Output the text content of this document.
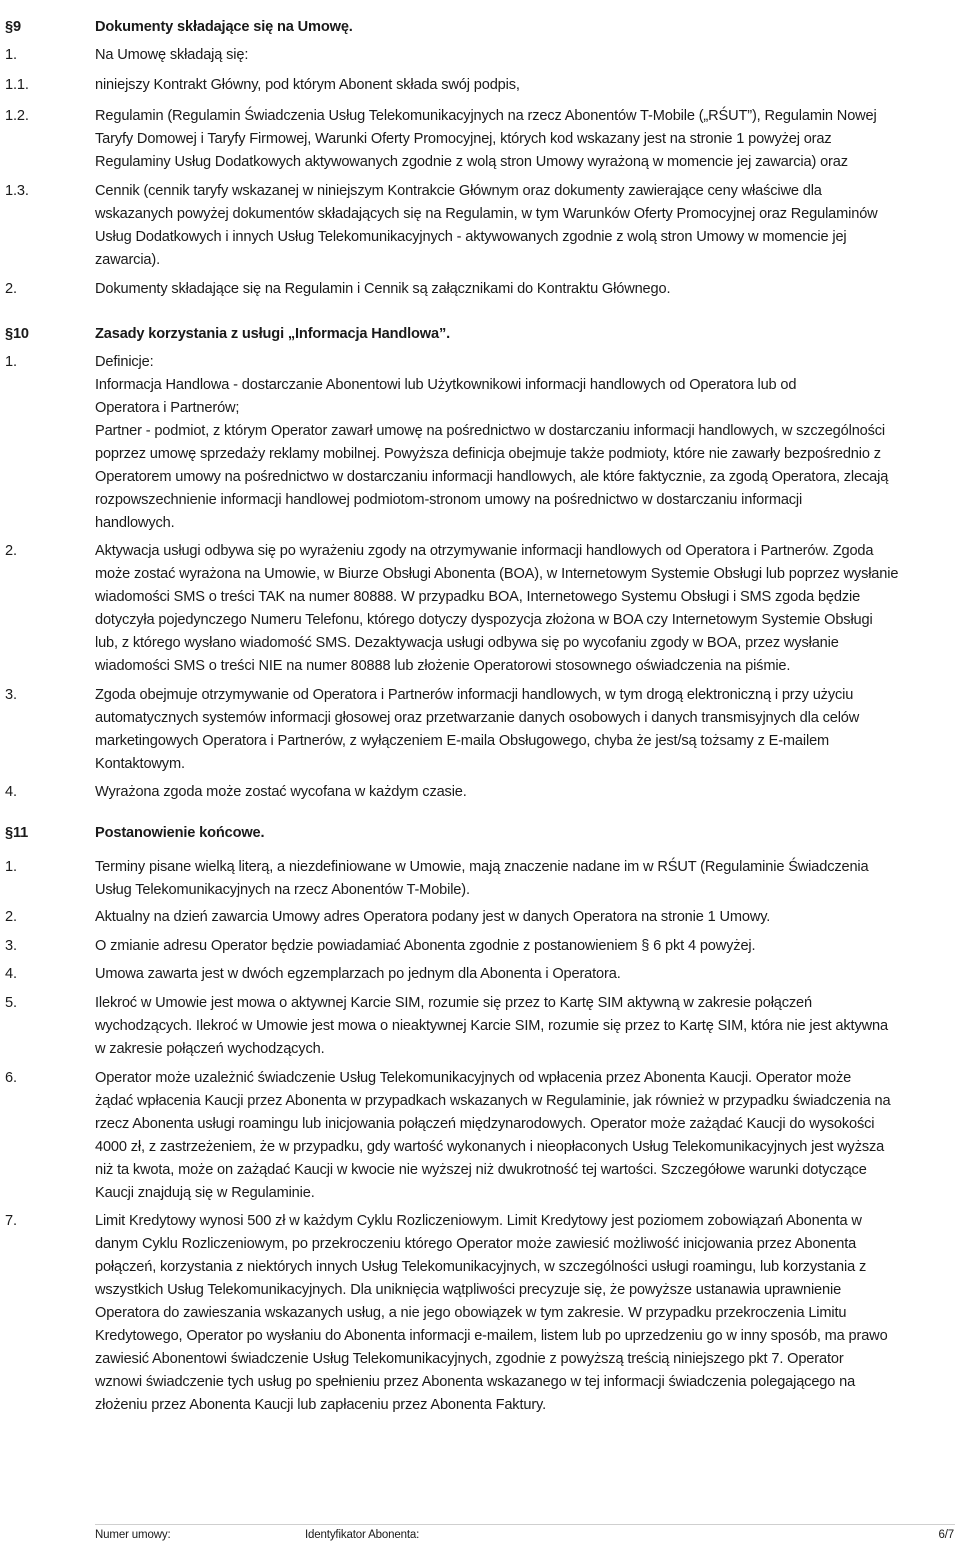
§9	Dokumenty składające się na Umowę.
1.	Na Umowę składają się:
1.1.	niniejszy Kontrakt Główny, pod którym Abonent składa swój podpis,
1.2.	Regulamin (Regulamin Świadczenia Usług Telekomunikacyjnych na rzecz Abonentów T-Mobile („RŚUT”), Regulamin Nowej
Taryfy Domowej i Taryfy Firmowej, Warunki Oferty Promocyjnej, których kod wskazany jest na stronie 1 powyżej oraz
Regulaminy Usług Dodatkowych aktywowanych zgodnie z wolą stron Umowy wyrażoną w momencie jej zawarcia) oraz
1.3.	Cennik (cennik taryfy wskazanej w niniejszym Kontrakcie Głównym oraz dokumenty zawierające ceny właściwe dla
wskazanych powyżej dokumentów składających się na Regulamin, w tym Warunków Oferty Promocyjnej oraz Regulaminów
Usług Dodatkowych i innych Usług Telekomunikacyjnych - aktywowanych zgodnie z wolą stron Umowy w momencie jej
zawarcia).
2.	Dokumenty składające się na Regulamin i Cennik są załącznikami do Kontraktu Głównego.
§10	Zasady korzystania z usługi „Informacja Handlowa”.
1.	Definicje:
Informacja Handlowa - dostarczanie Abonentowi lub Użytkownikowi informacji handlowych od Operatora lub od
Operatora i Partnerów;
Partner - podmiot, z którym Operator zawarł umowę na pośrednictwo w dostarczaniu informacji handlowych, w szczególności
poprzez umowę sprzedaży reklamy mobilnej. Powyższa definicja obejmuje także podmioty, które nie zawarły bezpośrednio z
Operatorem umowy na pośrednictwo w dostarczaniu informacji handlowych, ale które faktycznie, za zgodą Operatora, zlecają
rozpowszechnienie informacji handlowej podmiotom-stronom umowy na pośrednictwo w dostarczaniu informacji
handlowych.
2.	Aktywacja usługi odbywa się po wyrażeniu zgody na otrzymywanie informacji handlowych od Operatora i Partnerów. Zgoda
może zostać wyrażona na Umowie, w Biurze Obsługi Abonenta (BOA), w Internetowym Systemie Obsługi lub poprzez wysłanie
wiadomości SMS o treści TAK na numer 80888. W przypadku BOA, Internetowego Systemu Obsługi i SMS zgoda będzie
dotyczyła pojedynczego Numeru Telefonu, którego dotyczy dyspozycja złożona w BOA czy Internetowym Systemie Obsługi
lub, z którego wysłano wiadomość SMS. Dezaktywacja usługi odbywa się po wycofaniu zgody w BOA, przez wysłanie
wiadomości SMS o treści NIE na numer 80888 lub złożenie Operatorowi stosownego oświadczenia na piśmie.
3.	Zgoda obejmuje otrzymywanie od Operatora i Partnerów informacji handlowych, w tym drogą elektroniczną i przy użyciu
automatycznych systemów informacji głosowej oraz przetwarzanie danych osobowych i danych transmisyjnych dla celów
marketingowych Operatora i Partnerów, z wyłączeniem E-maila Obsługowego, chyba że jest/są tożsamy z E-mailem
Kontaktowym.
4.	Wyrażona zgoda może zostać wycofana w każdym czasie.
§11	Postanowienie końcowe.
1.	Terminy pisane wielką literą, a niezdefiniowane w Umowie, mają znaczenie nadane im w RŚUT (Regulaminie Świadczenia
Usług Telekomunikacyjnych na rzecz Abonentów T-Mobile).
2.	Aktualny na dzień zawarcia Umowy adres Operatora podany jest w danych Operatora na stronie 1 Umowy.
3.	O zmianie adresu Operator będzie powiadamiać Abonenta zgodnie z postanowieniem § 6 pkt 4 powyżej.
4.	Umowa zawarta jest w dwóch egzemplarzach po jednym dla Abonenta i Operatora.
5.	Ilekroć w Umowie jest mowa o aktywnej Karcie SIM, rozumie się przez to Kartę SIM aktywną w zakresie połączeń
wychodzących. Ilekroć w Umowie jest mowa o nieaktywnej Karcie SIM, rozumie się przez to Kartę SIM, która nie jest aktywna
w zakresie połączeń wychodzących.
6.	Operator może uzależnić świadczenie Usług Telekomunikacyjnych od wpłacenia przez Abonenta Kaucji. Operator może
żądać wpłacenia Kaucji przez Abonenta w przypadkach wskazanych w Regulaminie, jak również w przypadku świadczenia na
rzecz Abonenta usługi roamingu lub inicjowania połączeń międzynarodowych. Operator może zażądać Kaucji do wysokości
4000 zł, z zastrzeżeniem, że w przypadku, gdy wartość wykonanych i nieopłaconych Usług Telekomunikacyjnych jest wyższa
niż ta kwota, może on zażądać Kaucji w kwocie nie wyższej niż dwukrotność tej wartości. Szczegółowe warunki dotyczące
Kaucji znajdują się w Regulaminie.
7.	Limit Kredytowy wynosi 500 zł w każdym Cyklu Rozliczeniowym. Limit Kredytowy jest poziomem zobowiązań Abonenta w
danym Cyklu Rozliczeniowym, po przekroczeniu którego Operator może zawiesić możliwość inicjowania przez Abonenta
połączeń, korzystania z niektórych innych Usług Telekomunikacyjnych, w szczególności usługi roamingu, lub korzystania z
wszystkich Usług Telekomunikacyjnych. Dla uniknięcia wątpliwości precyzuje się, że powyższe ustanawia uprawnienie
Operatora do zawieszania wskazanych usług, a nie jego obowiązek w tym zakresie. W przypadku przekroczenia Limitu
Kredytowego, Operator po wysłaniu do Abonenta informacji e-mailem, listem lub po uprzedzeniu go w inny sposób, ma prawo
zawiesić Abonentowi świadczenie Usług Telekomunikacyjnych, zgodnie z powyższą treścią niniejszego pkt 7. Operator
wznowi świadczenie tych usług po spełnieniu przez Abonenta wskazanego w tej informacji świadczenia polegającego na
złożeniu przez Abonenta Kaucji lub zapłaceniu przez Abonenta Faktury.
Numer umowy:	Identyfikator Abonenta:	6/7
